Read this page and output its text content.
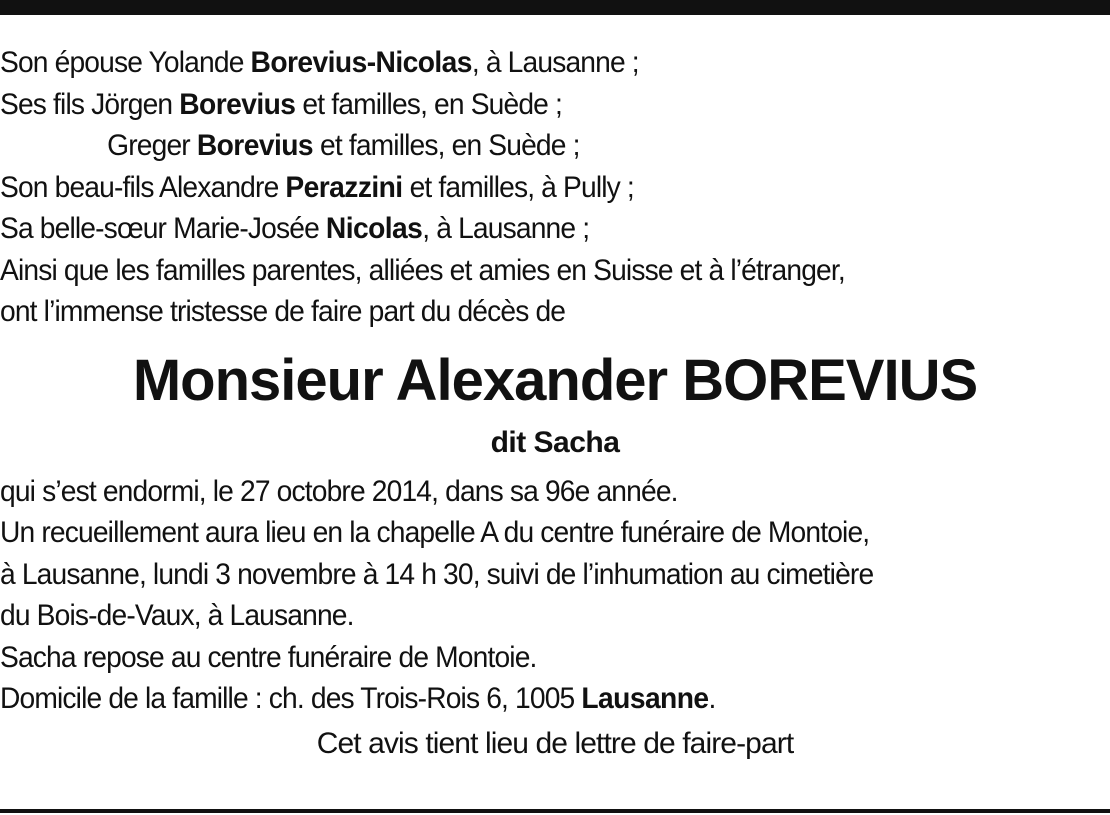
Son épouse Yolande Borevius-Nicolas, à Lausanne ;
Ses fils Jörgen Borevius et familles, en Suède ;
Greger Borevius et familles, en Suède ;
Son beau-fils Alexandre Perazzini et familles, à Pully ;
Sa belle-sœur Marie-Josée Nicolas, à Lausanne ;
Ainsi que les familles parentes, alliées et amies en Suisse et à l’étranger,
ont l’immense tristesse de faire part du décès de
Monsieur Alexander BOREVIUS
dit Sacha
qui s’est endormi, le 27 octobre 2014, dans sa 96e année.
Un recueillement aura lieu en la chapelle A du centre funéraire de Montoie,
à Lausanne, lundi 3 novembre à 14 h 30, suivi de l’inhumation au cimetière
du Bois-de-Vaux, à Lausanne.
Sacha repose au centre funéraire de Montoie.
Domicile de la famille : ch. des Trois-Rois 6, 1005 Lausanne.
Cet avis tient lieu de lettre de faire-part
